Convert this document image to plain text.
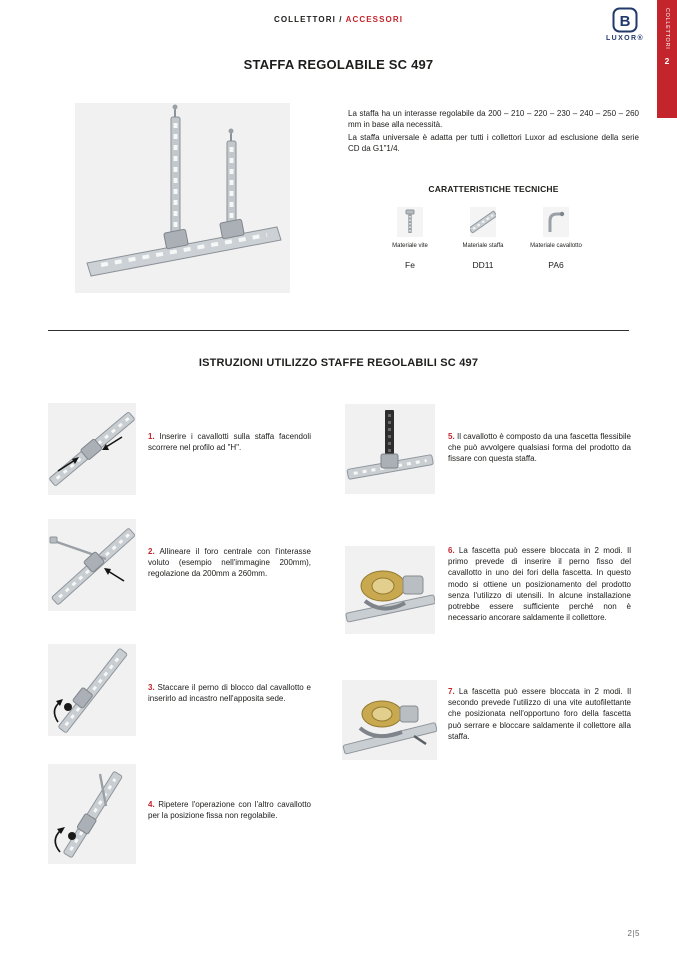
COLLETTORI / ACCESSORI	B
LUXOR®	COLLETTORI
2
STAFFA REGOLABILE SC 497

La staffa ha un interasse regolabile da 200 – 210 – 220 – 230 – 240 – 250 – 260 mm in base alla necessità.

La staffa universale è adatta per tutti i collettori Luxor ad esclusione della serie CD da G1"1/4.

CARATTERISTICHE TECNICHE
Materiale vite
Fe
Materiale staffa
DD11
Materiale cavallotto
PA6
ISTRUZIONI UTILIZZO STAFFE REGOLABILI SC 497

1. Inserire i cavallotti sulla staffa facendoli scorrere nel profilo ad "H".

2. Allineare il foro centrale con l'interasse voluto (esempio nell'immagine 200mm), regolazione da 200mm a 260mm.

3. Staccare il perno di blocco dal cavallotto e inserirlo ad incastro nell'apposita sede.

4. Ripetere l'operazione con l'altro cavallotto per la posizione fissa non regolabile.

5. Il cavallotto è composto da una fascetta flessibile che può avvolgere qualsiasi forma del prodotto da fissare con questa staffa.

6. La fascetta può essere bloccata in 2 modi. Il primo prevede di inserire il perno fisso del cavallotto in uno dei fori della fascetta. In questo modo si ottiene un posizionamento del prodotto senza l'utilizzo di utensili. In alcune installazione potrebbe essere sufficiente perché non è necessario ancorare saldamente il collettore.

7. La fascetta può essere bloccata in 2 modi. Il secondo prevede l'utilizzo di una vite autofilettante che posizionata nell'opportuno foro della fascetta può serrare e bloccare saldamente il collettore alla staffa.

2|5
